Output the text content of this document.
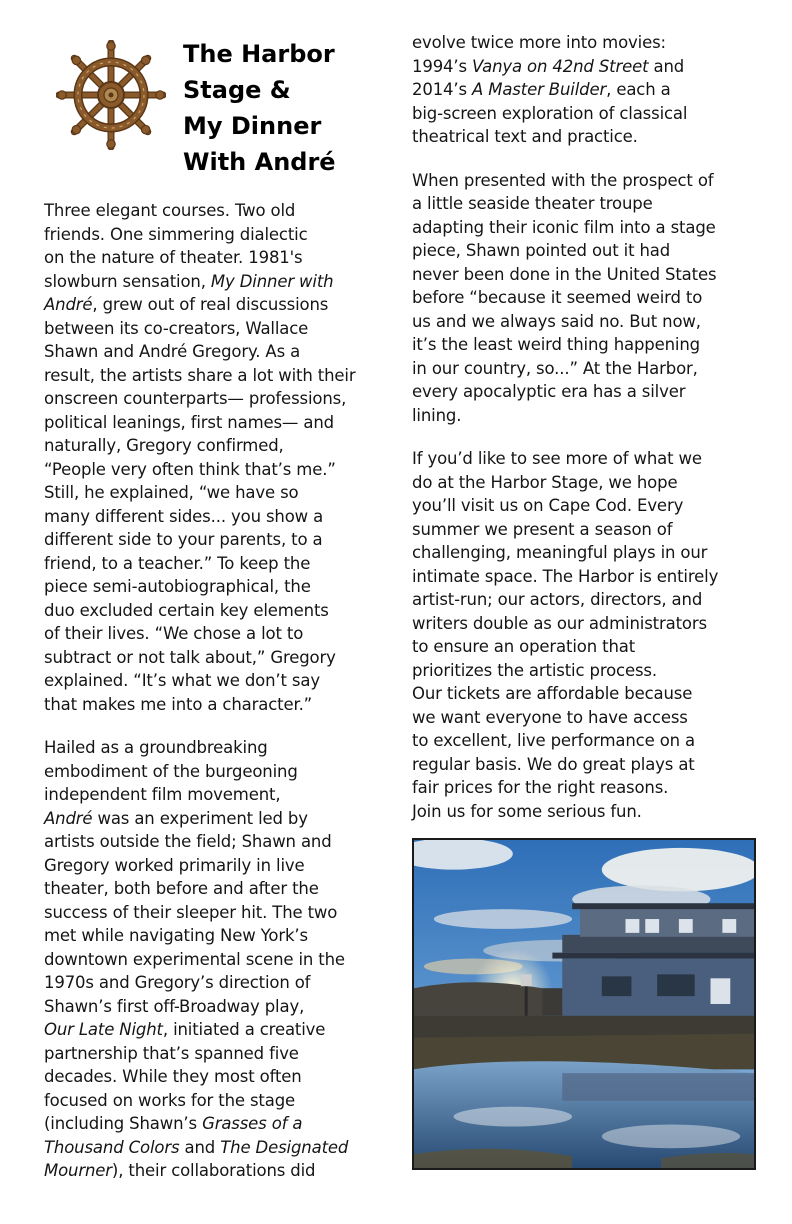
The Harbor
Stage &
My Dinner
With André
Three elegant courses. Two old
friends. One simmering dialectic
on the nature of theater. 1981's
slowburn sensation, My Dinner with
André, grew out of real discussions
between its co-creators, Wallace
Shawn and André Gregory. As a
result, the artists share a lot with their
onscreen counterparts— professions,
political leanings, first names— and
naturally, Gregory confirmed,
“People very often think that’s me.”
Still, he explained, “we have so
many different sides... you show a
different side to your parents, to a
friend, to a teacher.” To keep the
piece semi-autobiographical, the
duo excluded certain key elements
of their lives. “We chose a lot to
subtract or not talk about,” Gregory
explained. “It’s what we don’t say
that makes me into a character.”
Hailed as a groundbreaking
embodiment of the burgeoning
independent film movement,
André was an experiment led by
artists outside the field; Shawn and
Gregory worked primarily in live
theater, both before and after the
success of their sleeper hit. The two
met while navigating New York’s
downtown experimental scene in the
1970s and Gregory’s direction of
Shawn’s first off-Broadway play,
Our Late Night, initiated a creative
partnership that’s spanned five
decades. While they most often
focused on works for the stage
(including Shawn’s Grasses of a
Thousand Colors and The Designated
Mourner), their collaborations did
evolve twice more into movies:
1994’s Vanya on 42nd Street and
2014’s A Master Builder, each a
big-screen exploration of classical
theatrical text and practice.
When presented with the prospect of
a little seaside theater troupe
adapting their iconic film into a stage
piece, Shawn pointed out it had
never been done in the United States
before “because it seemed weird to
us and we always said no. But now,
it’s the least weird thing happening
in our country, so...” At the Harbor,
every apocalyptic era has a silver
lining.
If you’d like to see more of what we
do at the Harbor Stage, we hope
you’ll visit us on Cape Cod. Every
summer we present a season of
challenging, meaningful plays in our
intimate space. The Harbor is entirely
artist-run; our actors, directors, and
writers double as our administrators
to ensure an operation that
prioritizes the artistic process.
Our tickets are affordable because
we want everyone to have access
to excellent, live performance on a
regular basis. We do great plays at
fair prices for the right reasons.
Join us for some serious fun.
